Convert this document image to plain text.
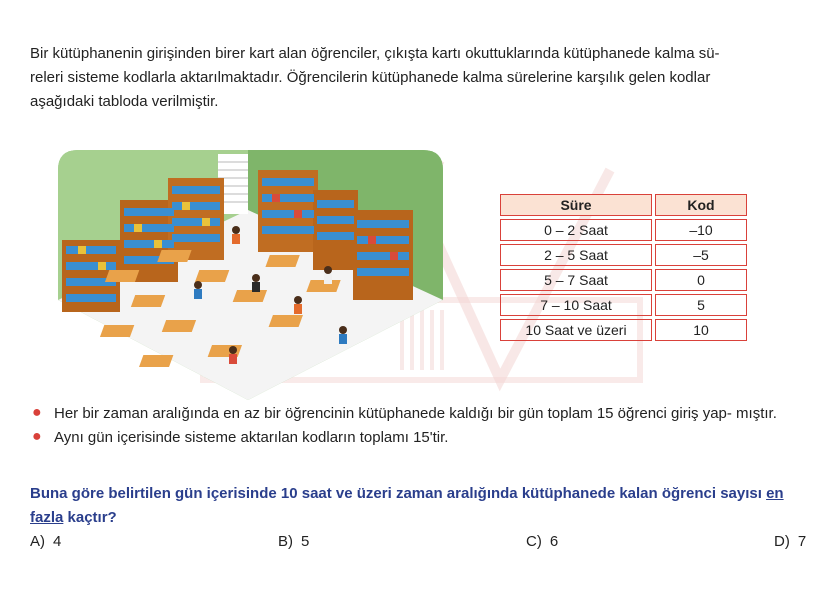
Bir kütüphanenin girişinden birer kart alan öğrenciler, çıkışta kartı okuttuklarında kütüphanede kalma sü-
releri sisteme kodlarla aktarılmaktadır. Öğrencilerin kütüphanede kalma sürelerine karşılık gelen kodlar
aşağıdaki tabloda verilmiştir.
Süre	Kod
0 – 2 Saat	–10
2 – 5 Saat	–5
5 – 7 Saat	0
7 – 10 Saat	5
10 Saat ve üzeri	10
● Her bir zaman aralığında en az bir öğrencinin kütüphanede kaldığı bir gün toplam 15 öğrenci giriş yap- mıştır.
● Aynı gün içerisinde sisteme aktarılan kodların toplamı 15'tir.
Buna göre belirtilen gün içerisinde 10 saat ve üzeri zaman aralığında kütüphanede kalan öğrenci sayısı en fazla kaçtır?
A) 4	B) 5	C) 6	D) 7
